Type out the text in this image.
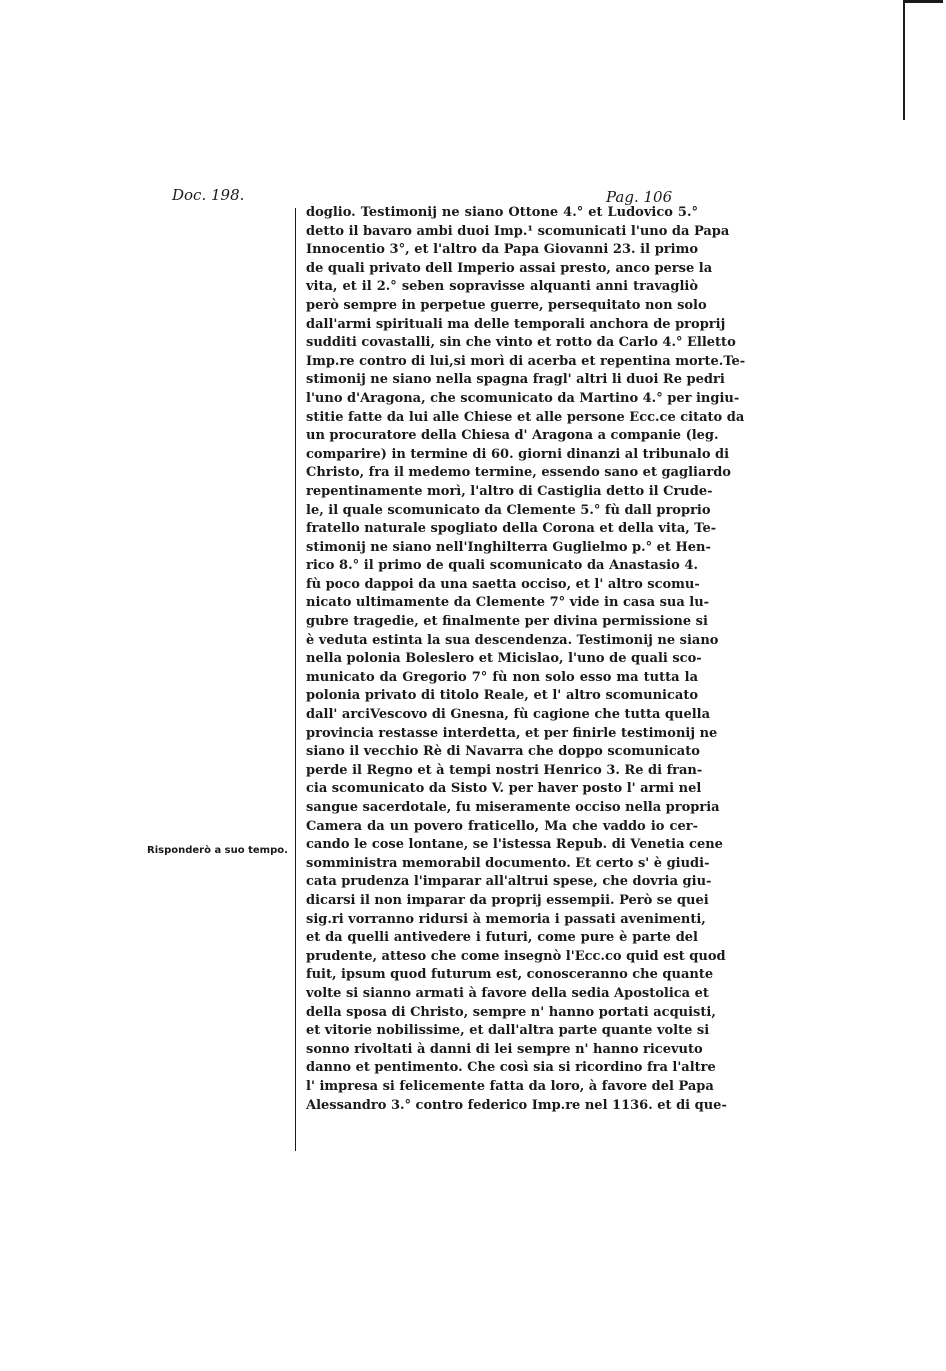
Doc. 198.	Pag. 106
Risponderò a suo tempo.
doglio. Testimonij ne siano Ottone 4.° et Ludovico 5.°
detto il bavaro ambi duoi Imp.¹ scomunicati l'uno da Papa
Innocentio 3°, et l'altro da Papa Giovanni 23. il primo
de quali privato dell Imperio assai presto, anco perse la
vita, et il 2.° seben sopravisse alquanti anni travagliò
però sempre in perpetue guerre, persequitato non solo
dall'armi spirituali ma delle temporali anchora de proprij
sudditi covastalli, sin che vinto et rotto da Carlo 4.° Elletto
Imp.re contro di lui,si morì di acerba et repentina morte.Te-
stimonij ne siano nella spagna fragl' altri li duoi Re pedri
l'uno d'Aragona, che scomunicato da Martino 4.° per ingiu-
stitie fatte da lui alle Chiese et alle persone Ecc.ce citato da
un procuratore della Chiesa d' Aragona a companie (leg.
comparire) in termine di 60. giorni dinanzi al tribunalo di
Christo, fra il medemo termine, essendo sano et gagliardo
repentinamente morì, l'altro di Castiglia detto il Crude-
le, il quale scomunicato da Clemente 5.° fù dall proprio
fratello naturale spogliato della Corona et della vita, Te-
stimonij ne siano nell'Inghilterra Guglielmo p.° et Hen-
rico 8.° il primo de quali scomunicato da Anastasio 4.
fù poco dappoi da una saetta occiso, et l' altro scomu-
nicato ultimamente da Clemente 7° vide in casa sua lu-
gubre tragedie, et finalmente per divina permissione si
è veduta estinta la sua descendenza. Testimonij ne siano
nella polonia Boleslero et Micislao, l'uno de quali sco-
municato da Gregorio 7° fù non solo esso ma tutta la
polonia privato di titolo Reale, et l' altro scomunicato
dall' arciVescovo di Gnesna, fù cagione che tutta quella
provincia restasse interdetta, et per finirle testimonij ne
siano il vecchio Rè di Navarra che doppo scomunicato
perde il Regno et à tempi nostri Henrico 3. Re di fran-
cia scomunicato da Sisto V. per haver posto l' armi nel
sangue sacerdotale, fu miseramente occiso nella propria
Camera da un povero fraticello, Ma che vaddo io cer-
cando le cose lontane, se l'istessa Repub. di Venetia cene
somministra memorabil documento. Et certo s' è giudi-
cata prudenza l'imparar all'altrui spese, che dovria giu-
dicarsi il non imparar da proprij essempii. Però se quei
sig.ri vorranno ridursi à memoria i passati avenimenti,
et da quelli antivedere i futuri, come pure è parte del
prudente, atteso che come insegnò l'Ecc.co quid est quod
fuit, ipsum quod futurum est, conosceranno che quante
volte si sianno armati à favore della sedia Apostolica et
della sposa di Christo, sempre n' hanno portati acquisti,
et vitorie nobilissime, et dall'altra parte quante volte si
sonno rivoltati à danni di lei sempre n' hanno ricevuto
danno et pentimento. Che così sia si ricordino fra l'altre
l' impresa si felicemente fatta da loro, à favore del Papa
Alessandro 3.° contro federico Imp.re nel 1136. et di que-
